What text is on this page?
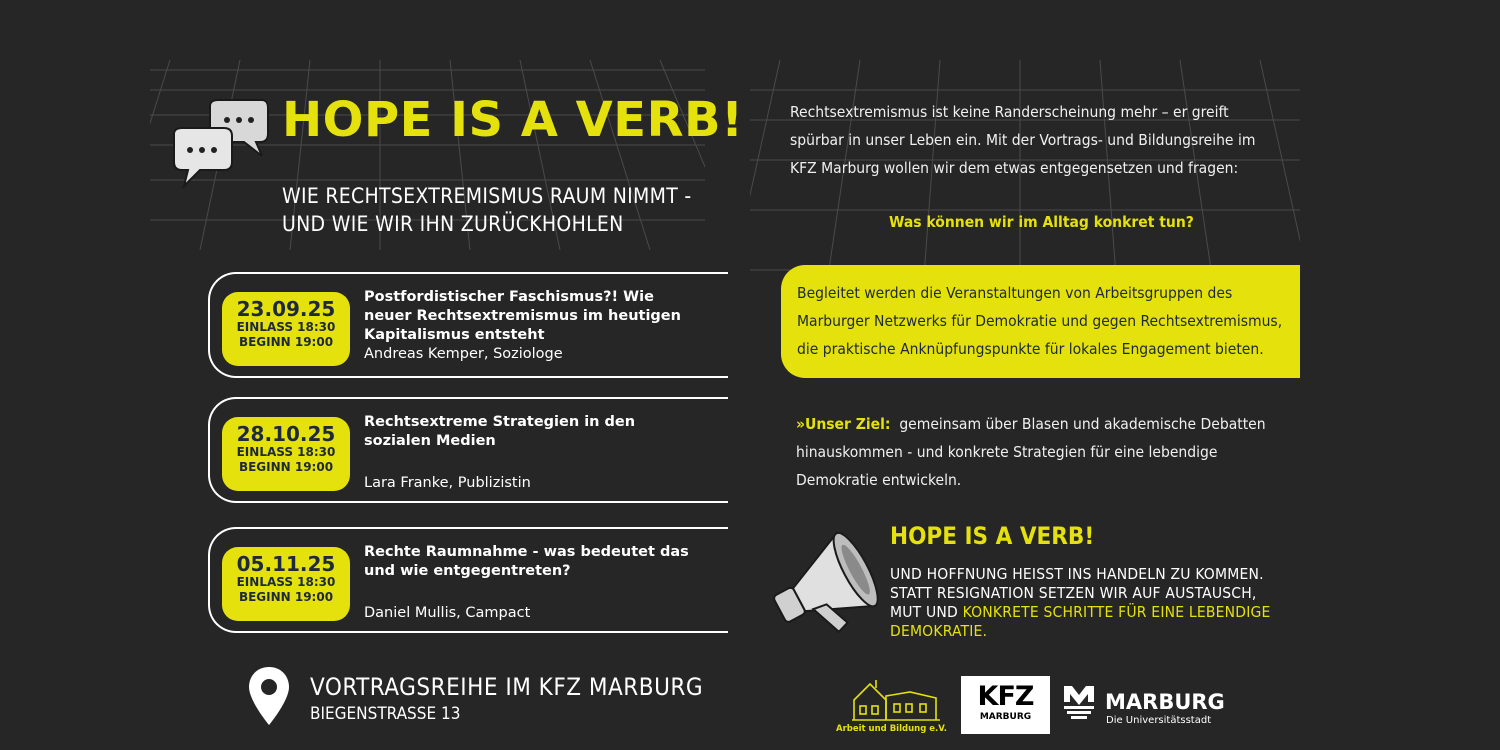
HOPE IS A VERB!
WIE RECHTSEXTREMISMUS RAUM NIMMT -
UND WIE WIR IHN ZURÜCKHOHLEN
23.09.25
EINLASS 18:30
BEGINN 19:00
Postfordistischer Faschismus?! Wie neuer Rechtsextremismus im heutigen Kapitalismus entsteht
Andreas Kemper, Soziologe
28.10.25
EINLASS 18:30
BEGINN 19:00
Rechtsextreme Strategien in den sozialen Medien
Lara Franke, Publizistin
05.11.25
EINLASS 18:30
BEGINN 19:00
Rechte Raumnahme - was bedeutet das und wie entgegentreten?
Daniel Mullis, Campact
VORTRAGSREIHE IM KFZ MARBURG
BIEGENSTRASSE 13
Rechtsextremismus ist keine Randerscheinung mehr – er greift
spürbar in unser Leben ein. Mit der Vortrags- und Bildungsreihe im
KFZ Marburg wollen wir dem etwas entgegensetzen und fragen:
Was können wir im Alltag konkret tun?
Begleitet werden die Veranstaltungen von Arbeitsgruppen des
Marburger Netzwerks für Demokratie und gegen Rechtsextremismus,
die praktische Anknüpfungspunkte für lokales Engagement bieten.
»Unser Ziel: gemeinsam über Blasen und akademische Debatten
hinauskommen - und konkrete Strategien für eine lebendige
Demokratie entwickeln.
HOPE IS A VERB!
UND HOFFNUNG HEISST INS HANDELN ZU KOMMEN.
STATT RESIGNATION SETZEN WIR AUF AUSTAUSCH,
MUT UND KONKRETE SCHRITTE FÜR EINE LEBENDIGE
DEMOKRATIE.
Arbeit und Bildung e.V.
KFZ
MARBURG
MARBURG
Die Universitätsstadt
